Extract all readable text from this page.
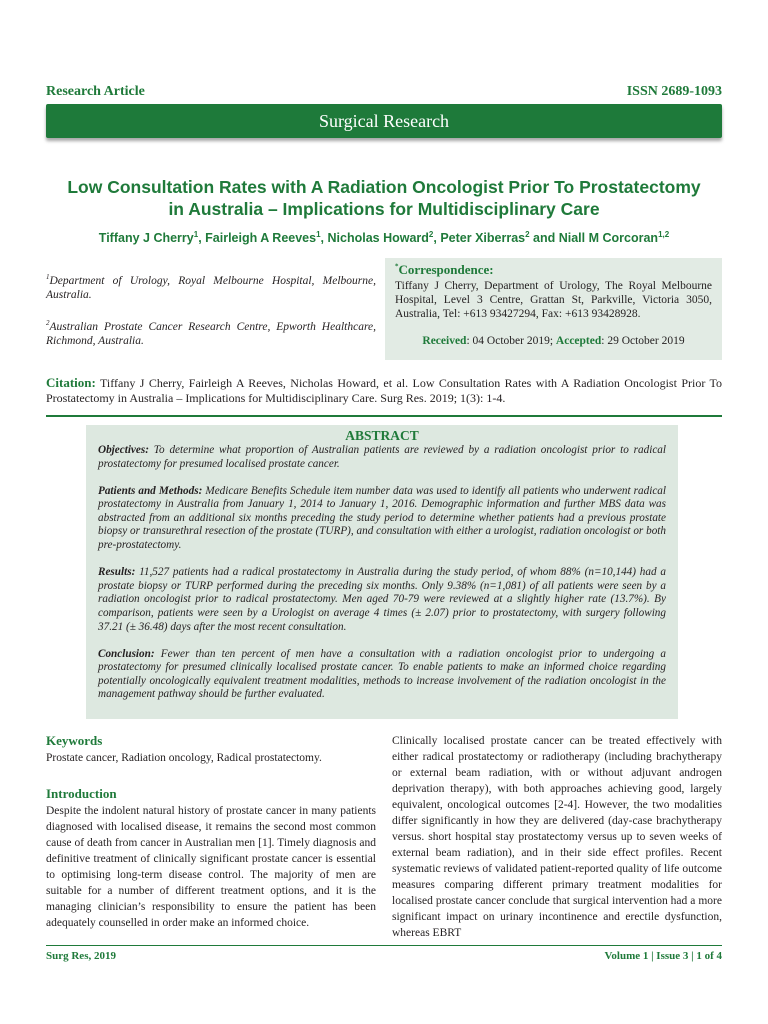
Research Article	ISSN 2689-1093
Surgical Research
Low Consultation Rates with A Radiation Oncologist Prior To Prostatectomy
in Australia – Implications for Multidisciplinary Care
Tiffany J Cherry$^1$, Fairleigh A Reeves$^1$, Nicholas Howard$^2$, Peter Xiberras$^2$ and Niall M Corcoran$^{1,2}$
$^1$Department of Urology, Royal Melbourne Hospital, Melbourne, Australia.
$^2$Australian Prostate Cancer Research Centre, Epworth Healthcare, Richmond, Australia.
*Correspondence:
Tiffany J Cherry, Department of Urology, The Royal Melbourne Hospital, Level 3 Centre, Grattan St, Parkville, Victoria 3050, Australia, Tel: +613 93427294, Fax: +613 93428928.
Received: 04 October 2019; Accepted: 29 October 2019
Citation: Tiffany J Cherry, Fairleigh A Reeves, Nicholas Howard, et al. Low Consultation Rates with A Radiation Oncologist Prior To Prostatectomy in Australia – Implications for Multidisciplinary Care. Surg Res. 2019; 1(3): 1-4.
ABSTRACT

Objectives: To determine what proportion of Australian patients are reviewed by a radiation oncologist prior to radical prostatectomy for presumed localised prostate cancer.

Patients and Methods: Medicare Benefits Schedule item number data was used to identify all patients who underwent radical prostatectomy in Australia from January 1, 2014 to January 1, 2016. Demographic information and further MBS data was abstracted from an additional six months preceding the study period to determine whether patients had a previous prostate biopsy or transurethral resection of the prostate (TURP), and consultation with either a urologist, radiation oncologist or both pre-prostatectomy.

Results: 11,527 patients had a radical prostatectomy in Australia during the study period, of whom 88% (n=10,144) had a prostate biopsy or TURP performed during the preceding six months. Only 9.38% (n=1,081) of all patients were seen by a radiation oncologist prior to radical prostatectomy. Men aged 70-79 were reviewed at a slightly higher rate (13.7%). By comparison, patients were seen by a Urologist on average 4 times (± 2.07) prior to prostatectomy, with surgery following 37.21 (± 36.48) days after the most recent consultation.

Conclusion: Fewer than ten percent of men have a consultation with a radiation oncologist prior to undergoing a prostatectomy for presumed clinically localised prostate cancer. To enable patients to make an informed choice regarding potentially oncologically equivalent treatment modalities, methods to increase involvement of the radiation oncologist in the management pathway should be further evaluated.

Keywords
Prostate cancer, Radiation oncology, Radical prostatectomy.
Introduction
Despite the indolent natural history of prostate cancer in many patients diagnosed with localised disease, it remains the second most common cause of death from cancer in Australian men [1]. Timely diagnosis and definitive treatment of clinically significant prostate cancer is essential to optimising long-term disease control. The majority of men are suitable for a number of different treatment options, and it is the managing clinician’s responsibility to ensure the patient has been adequately counselled in order make an informed choice.
Clinically localised prostate cancer can be treated effectively with either radical prostatectomy or radiotherapy (including brachytherapy or external beam radiation, with or without adjuvant androgen deprivation therapy), with both approaches achieving good, largely equivalent, oncological outcomes [2-4]. However, the two modalities differ significantly in how they are delivered (day-case brachytherapy versus. short hospital stay prostatectomy versus up to seven weeks of external beam radiation), and in their side effect profiles. Recent systematic reviews of validated patient-reported quality of life outcome measures comparing different primary treatment modalities for localised prostate cancer conclude that surgical intervention had a more significant impact on urinary incontinence and erectile dysfunction, whereas EBRT
Surg Res, 2019	Volume 1 | Issue 3 | 1 of 4
